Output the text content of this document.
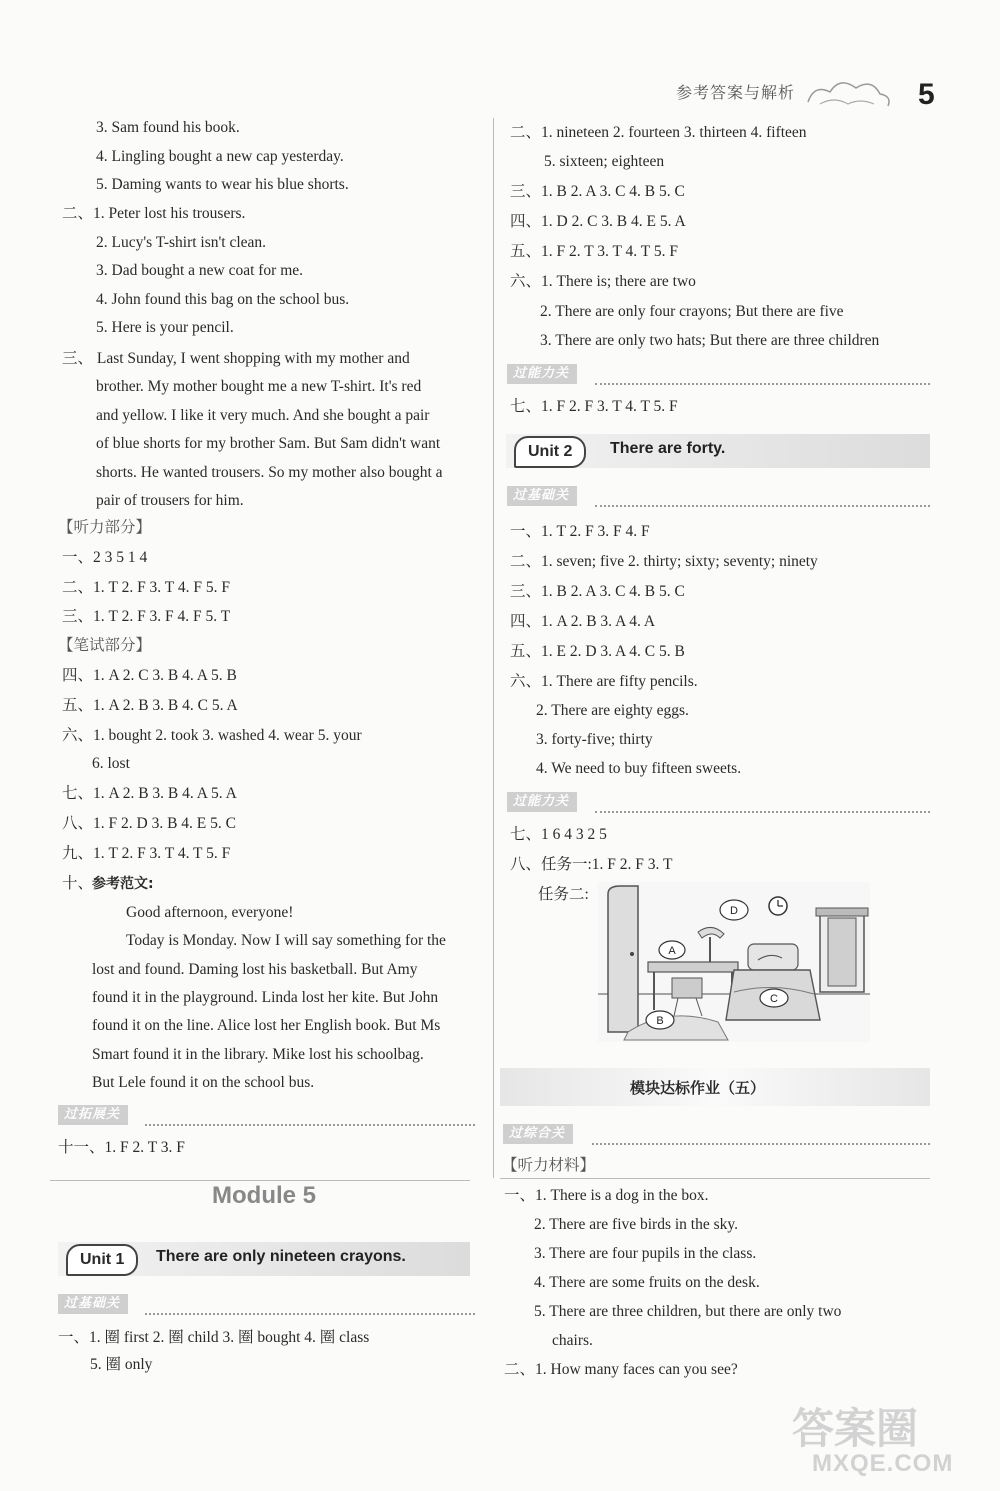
参考答案与解析	5
3. Sam found his book.
4. Lingling bought a new cap yesterday.
5. Daming wants to wear his blue shorts.
二、1. Peter lost his trousers.
2. Lucy's T-shirt isn't clean.
3. Dad bought a new coat for me.
4. John found this bag on the school bus.
5. Here is your pencil.
三、 Last Sunday, I went shopping with my mother and
brother. My mother bought me a new T-shirt. It's red
and yellow. I like it very much. And she bought a pair
of blue shorts for my brother Sam. But Sam didn't want
shorts. He wanted trousers. So my mother also bought a
pair of trousers for him.
【听力部分】
一、2 3 5 1 4
二、1. T 2. F 3. T 4. F 5. F
三、1. T 2. F 3. F 4. F 5. T
【笔试部分】
四、1. A 2. C 3. B 4. A 5. B
五、1. A 2. B 3. B 4. C 5. A
六、1. bought 2. took 3. washed 4. wear 5. your
6. lost
七、1. A 2. B 3. B 4. A 5. A
八、1. F 2. D 3. B 4. E 5. C
九、1. T 2. F 3. T 4. T 5. F
十、
参考范文:
Good afternoon, everyone!
Today is Monday. Now I will say something for the
lost and found. Daming lost his basketball. But Amy
found it in the playground. Linda lost her kite. But John
found it on the line. Alice lost her English book. But Ms
Smart found it in the library. Mike lost his schoolbag.
But Lele found it on the school bus.
过拓展关
十一、1. F 2. T 3. F
Module 5
Unit 1	There are only nineteen crayons.
过基础关
一、1. 圈 first 2. 圈 child 3. 圈 bought 4. 圈 class
5. 圈 only
二、1. nineteen 2. fourteen 3. thirteen 4. fifteen
5. sixteen; eighteen
三、1. B 2. A 3. C 4. B 5. C
四、1. D 2. C 3. B 4. E 5. A
五、1. F 2. T 3. T 4. T 5. F
六、1. There is; there are two
2. There are only four crayons; But there are five
3. There are only two hats; But there are three children
过能力关
七、1. F 2. F 3. T 4. T 5. F
Unit 2	There are forty.
过基础关
一、1. T 2. F 3. F 4. F
二、1. seven; five 2. thirty; sixty; seventy; ninety
三、1. B 2. A 3. C 4. B 5. C
四、1. A 2. B 3. A 4. A
五、1. E 2. D 3. A 4. C 5. B
六、1. There are fifty pencils.
2. There are eighty eggs.
3. forty-five; thirty
4. We need to buy fifteen sweets.
过能力关
七、1 6 4 3 2 5
八、任务一:1. F 2. F 3. T
任务二:
D
A
B
C
模块达标作业（五）
过综合关
【听力材料】
一、1. There is a dog in the box.
2. There are five birds in the sky.
3. There are four pupils in the class.
4. There are some fruits on the desk.
5. There are three children, but there are only two
chairs.
二、1. How many faces can you see?
答案圈
MXQE.COM
